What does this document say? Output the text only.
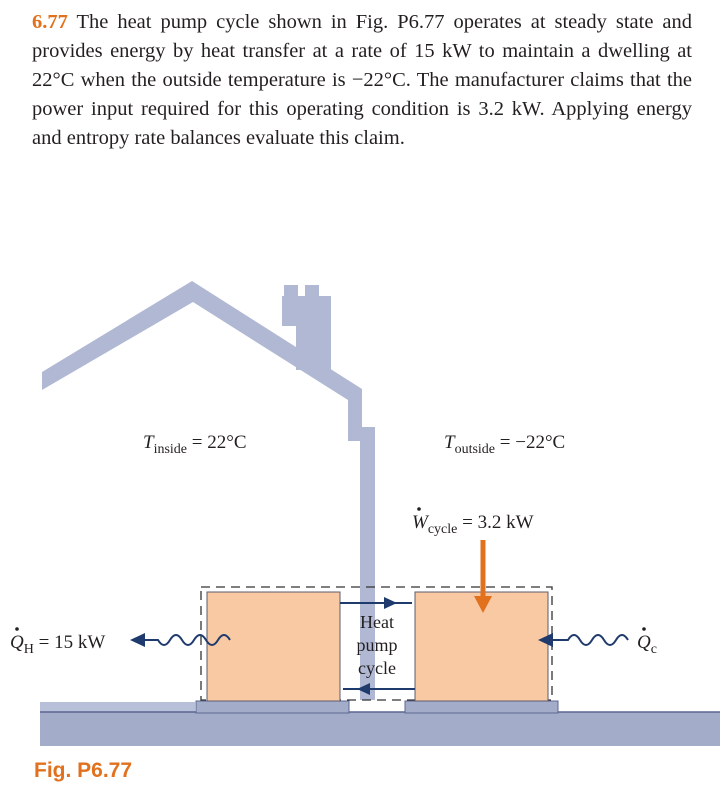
6.77 The heat pump cycle shown in Fig. P6.77 operates at steady state and provides energy by heat transfer at a rate of 15 kW to maintain a dwelling at 22°C when the outside temperature is −22°C. The manufacturer claims that the power input required for this operating condition is 3.2 kW. Applying energy and entropy rate balances evaluate this claim.
Heat
pump
cycle
$T_{inside} = 22^\circ C$	$T_{outside} = -22^\circ C$
$W_{cycle} = 3.2$ kW
$Q_H = 15$ kW	$Q_c$
Fig. P6.77
